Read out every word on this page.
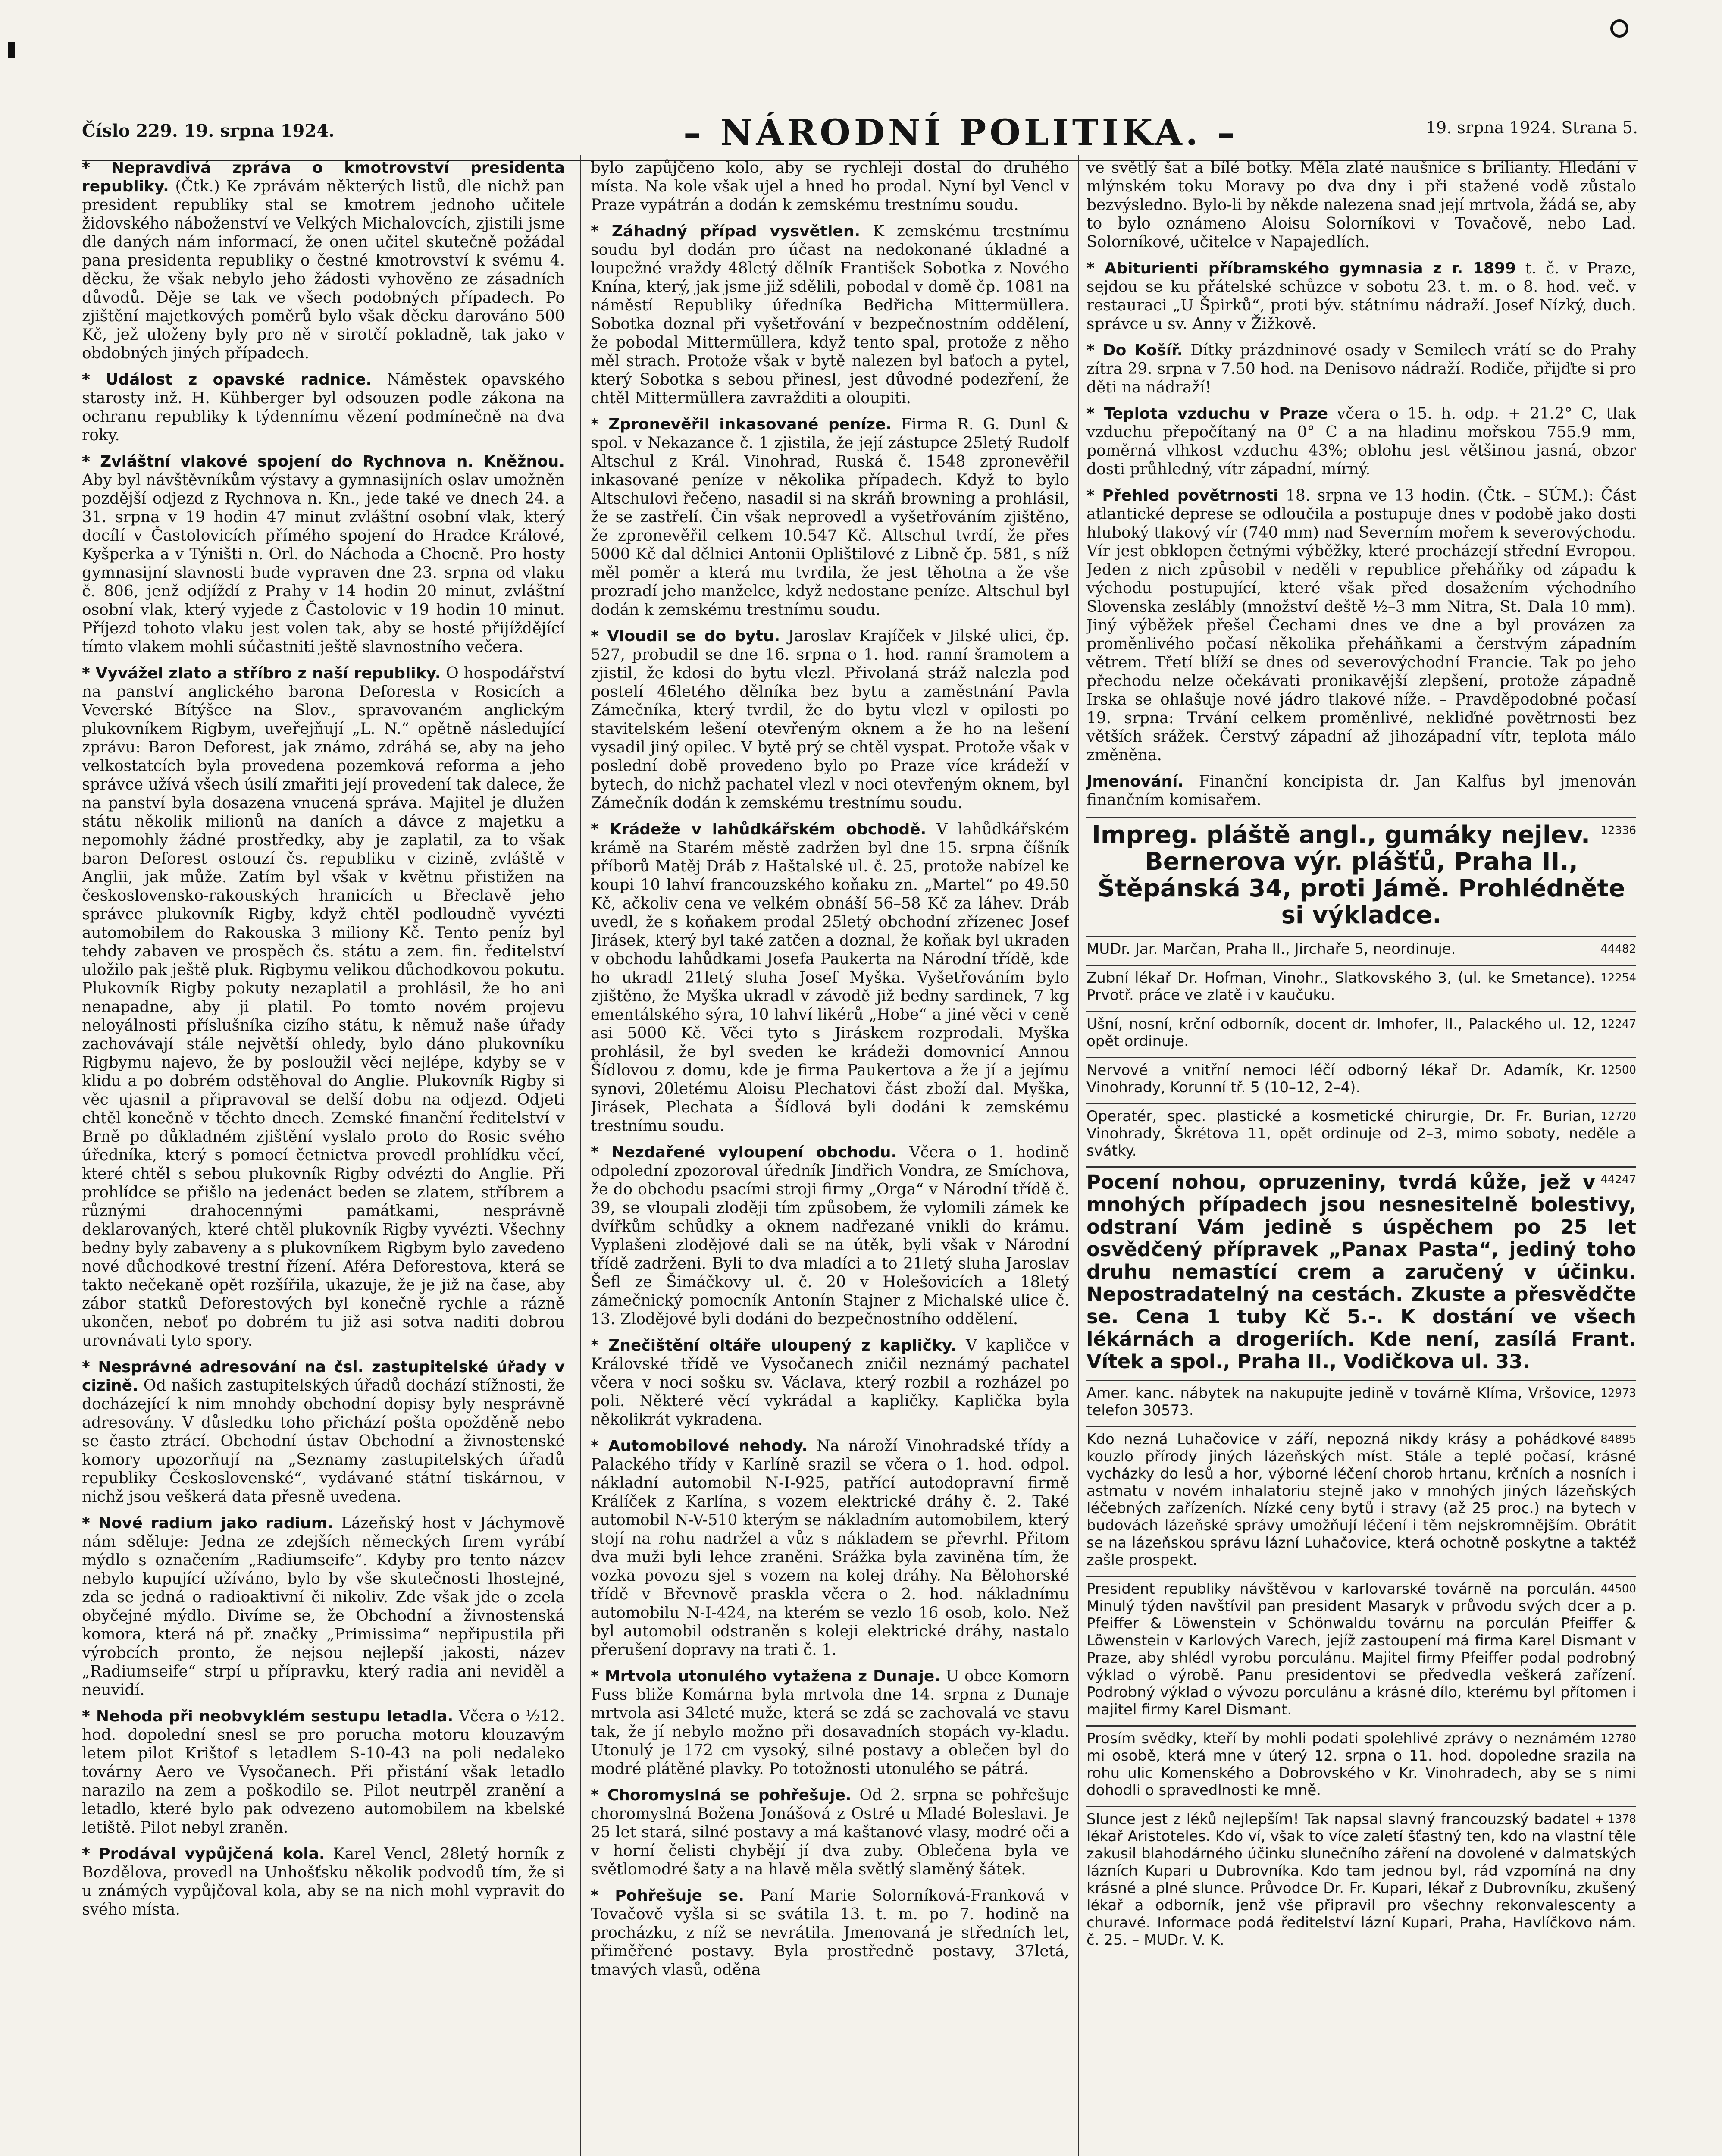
Číslo 229. 19. srpna 1924.	– NÁRODNÍ POLITIKA. –	19. srpna 1924. Strana 5.
* Nepravdivá zpráva o kmotrovství presidenta republiky. (Čtk.) Ke zprávám některých listů, dle nichž pan president republiky stal se kmotrem jednoho učitele židovského náboženství ve Velkých Michalovcích, zjistili jsme dle daných nám informací, že onen učitel skutečně požádal pana presidenta republiky o čestné kmotrovství k svému 4. děcku, že však nebylo jeho žádosti vyhověno ze zásadních důvodů. Děje se tak ve všech podobných případech. Po zjištění majetkových poměrů bylo však děcku darováno 500 Kč, jež uloženy byly pro ně v sirotčí pokladně, tak jako v obdobných jiných případech.
* Událost z opavské radnice. Náměstek opavského starosty inž. H. Kühberger byl odsouzen podle zákona na ochranu republiky k týdennímu vězení podmínečně na dva roky.
* Zvláštní vlakové spojení do Rychnova n. Kněžnou. Aby byl návštěvníkům výstavy a gymnasijních oslav umožněn pozdější odjezd z Rychnova n. Kn., jede také ve dnech 24. a 31. srpna v 19 hodin 47 minut zvláštní osobní vlak, který docílí v Častolovicích přímého spojení do Hradce Králové, Kyšperka a v Týništi n. Orl. do Náchoda a Chocně. Pro hosty gymnasijní slavnosti bude vypraven dne 23. srpna od vlaku č. 806, jenž odjíždí z Prahy v 14 hodin 20 minut, zvláštní osobní vlak, který vyjede z Častolovic v 19 hodin 10 minut. Příjezd tohoto vlaku jest volen tak, aby se hosté přijíždějící tímto vlakem mohli súčastniti ještě slavnostního večera.
* Vyvážel zlato a stříbro z naší republiky. O hospodářství na panství anglického barona Deforesta v Rosicích a Veverské Bítýšce na Slov., spravovaném anglickým plukovníkem Rigbym, uveřejňují „L. N.“ opětně následující zprávu: Baron Deforest, jak známo, zdráhá se, aby na jeho velkostatcích byla provedena pozemková reforma a jeho správce užívá všech úsilí zmařiti její provedení tak dalece, že na panství byla dosazena vnucená správa. Majitel je dlužen státu několik milionů na daních a dávce z majetku a nepomohly žádné prostředky, aby je zaplatil, za to však baron Deforest ostouzí čs. republiku v cizině, zvláště v Anglii, jak může. Zatím byl však v květnu přistižen na československo-rakouských hranicích u Břeclavě jeho správce plukovník Rigby, když chtěl podloudně vyvézti automobilem do Rakouska 3 miliony Kč. Tento peníz byl tehdy zabaven ve prospěch čs. státu a zem. fin. ředitelství uložilo pak ještě pluk. Rigbymu velikou důchodkovou pokutu. Plukovník Rigby pokuty nezaplatil a prohlásil, že ho ani nenapadne, aby ji platil. Po tomto novém projevu neloyálnosti příslušníka cizího státu, k němuž naše úřady zachovávají stále největší ohledy, bylo dáno plukovníku Rigbymu najevo, že by posloužil věci nejlépe, kdyby se v klidu a po dobrém odstěhoval do Anglie. Plukovník Rigby si věc ujasnil a připravoval se delší dobu na odjezd. Odjeti chtěl konečně v těchto dnech. Zemské finanční ředitelství v Brně po důkladném zjištění vyslalo proto do Rosic svého úředníka, který s pomocí četnictva provedl prohlídku věcí, které chtěl s sebou plukovník Rigby odvézti do Anglie. Při prohlídce se přišlo na jedenáct beden se zlatem, stříbrem a různými drahocennými památkami, nesprávně deklarovaných, které chtěl plukovník Rigby vyvézti. Všechny bedny byly zabaveny a s plukovníkem Rigbym bylo zavedeno nové důchodkové trestní řízení. Aféra Deforestova, která se takto nečekaně opět rozšířila, ukazuje, že je již na čase, aby zábor statků Deforestových byl konečně rychle a rázně ukončen, neboť po dobrém tu již asi sotva naditi dobrou urovnávati tyto spory.
* Nesprávné adresování na čsl. zastupitelské úřady v cizině. Od našich zastupitelských úřadů dochází stížnosti, že docházející k nim mnohdy obchodní dopisy byly nesprávně adresovány. V důsledku toho přichází pošta opožděně nebo se často ztrácí. Obchodní ústav Obchodní a živnostenské komory upozorňují na „Seznamy zastupitelských úřadů republiky Československé“, vydávané státní tiskárnou, v nichž jsou veškerá data přesně uvedena.
* Nové radium jako radium. Lázeňský host v Jáchymově nám sděluje: Jedna ze zdejších německých firem vyrábí mýdlo s označením „Radiumseife“. Kdyby pro tento název nebylo kupující užíváno, bylo by vše skutečnosti lhostejné, zda se jedná o radioaktivní či nikoliv. Zde však jde o zcela obyčejné mýdlo. Divíme se, že Obchodní a živnostenská komora, která ná př. značky „Primissima“ nepřipustila při výrobcích pronto, že nejsou nejlepší jakosti, název „Radiumseife“ strpí u přípravku, který radia ani neviděl a neuvidí.
* Nehoda při neobvyklém sestupu letadla. Včera o ½12. hod. dopolední snesl se pro porucha motoru klouzavým letem pilot Krištof s letadlem S-10-43 na poli nedaleko továrny Aero ve Vysočanech. Při přistání však letadlo narazilo na zem a poškodilo se. Pilot neutrpěl zranění a letadlo, které bylo pak odvezeno automobilem na kbelské letiště. Pilot nebyl zraněn.
* Prodával vypůjčená kola. Karel Vencl, 28letý horník z Bozdělova, provedl na Unhošťsku několik podvodů tím, že si u známých vypůjčoval kola, aby se na nich mohl vypravit do svého místa.
bylo zapůjčeno kolo, aby se rychleji dostal do druhého místa. Na kole však ujel a hned ho prodal. Nyní byl Vencl v Praze vypátrán a dodán k zemskému trestnímu soudu.
* Záhadný případ vysvětlen. K zemskému trestnímu soudu byl dodán pro účast na nedokonané úkladné a loupežné vraždy 48letý dělník František Sobotka z Nového Knína, který, jak jsme již sdělili, pobodal v domě čp. 1081 na náměstí Republiky úředníka Bedřicha Mittermüllera. Sobotka doznal při vyšetřování v bezpečnostním oddělení, že pobodal Mittermüllera, když tento spal, protože z něho měl strach. Protože však v bytě nalezen byl baťoch a pytel, který Sobotka s sebou přinesl, jest důvodné podezření, že chtěl Mittermüllera zavražditi a oloupiti.
* Zpronevěřil inkasované peníze. Firma R. G. Dunl & spol. v Nekazance č. 1 zjistila, že její zástupce 25letý Rudolf Altschul z Král. Vinohrad, Ruská č. 1548 zpronevěřil inkasované peníze v několika případech. Když to bylo Altschulovi řečeno, nasadil si na skráň browning a prohlásil, že se zastřelí. Čin však neprovedl a vyšetřováním zjištěno, že zpronevěřil celkem 10.547 Kč. Altschul tvrdí, že přes 5000 Kč dal dělnici Antonii Oplištilové z Libně čp. 581, s níž měl poměr a která mu tvrdila, že jest těhotna a že vše prozradí jeho manželce, když nedostane peníze. Altschul byl dodán k zemskému trestnímu soudu.
* Vloudil se do bytu. Jaroslav Krajíček v Jilské ulici, čp. 527, probudil se dne 16. srpna o 1. hod. ranní šramotem a zjistil, že kdosi do bytu vlezl. Přivolaná stráž nalezla pod postelí 46letého dělníka bez bytu a zaměstnání Pavla Zámečníka, který tvrdil, že do bytu vlezl v opilosti po stavitelském lešení otevřeným oknem a že ho na lešení vysadil jiný opilec. V bytě prý se chtěl vyspat. Protože však v poslední době provedeno bylo po Praze více krádeží v bytech, do nichž pachatel vlezl v noci otevřeným oknem, byl Zámečník dodán k zemskému trestnímu soudu.
* Krádeže v lahůdkářském obchodě. V lahůdkářském krámě na Starém městě zadržen byl dne 15. srpna číšník příborů Matěj Dráb z Haštalské ul. č. 25, protože nabízel ke koupi 10 lahví francouzského koňaku zn. „Martel“ po 49.50 Kč, ačkoliv cena ve velkém obnáší 56–58 Kč za láhev. Dráb uvedl, že s koňakem prodal 25letý obchodní zřízenec Josef Jirásek, který byl také zatčen a doznal, že koňak byl ukraden v obchodu lahůdkami Josefa Paukerta na Národní třídě, kde ho ukradl 21letý sluha Josef Myška. Vyšetřováním bylo zjištěno, že Myška ukradl v závodě již bedny sardinek, 7 kg ementálského sýra, 10 lahví likérů „Hobe“ a jiné věci v ceně asi 5000 Kč. Věci tyto s Jiráskem rozprodali. Myška prohlásil, že byl sveden ke krádeži domovnicí Annou Šídlovou z domu, kde je firma Paukertova a že jí a jejímu synovi, 20letému Aloisu Plechatovi část zboží dal. Myška, Jirásek, Plechata a Šídlová byli dodáni k zemskému trestnímu soudu.
* Nezdařené vyloupení obchodu. Včera o 1. hodině odpolední zpozoroval úředník Jindřich Vondra, ze Smíchova, že do obchodu psacími stroji firmy „Orga“ v Národní třídě č. 39, se vloupali zloději tím způsobem, že vylomili zámek ke dvířkům schůdky a oknem nadřezané vnikli do krámu. Vyplašeni zlodějové dali se na útěk, byli však v Národní třídě zadrženi. Byli to dva mladíci a to 21letý sluha Jaroslav Šefl ze Šimáčkovy ul. č. 20 v Holešovicích a 18letý zámečnický pomocník Antonín Stajner z Michalské ulice č. 13. Zlodějové byli dodáni do bezpečnostního oddělení.
* Znečištění oltáře uloupený z kapličky. V kapličce v Královské třídě ve Vysočanech zničil neznámý pachatel včera v noci sošku sv. Václava, který rozbil a rozházel po poli. Některé věcí vykrádal a kapličky. Kaplička byla několikrát vykradena.
* Automobilové nehody. Na nároží Vinohradské třídy a Palackého třídy v Karlíně srazil se včera o 1. hod. odpol. nákladní automobil N-I-925, patřící autodopravní firmě Králíček z Karlína, s vozem elektrické dráhy č. 2. Také automobil N-V-510 kterým se nákladním automobilem, který stojí na rohu nadržel a vůz s nákladem se převrhl. Přitom dva muži byli lehce zraněni. Srážka byla zaviněna tím, že vozka povozu sjel s vozem na kolej dráhy. Na Bělohorské třídě v Břevnově praskla včera o 2. hod. nákladnímu automobilu N-I-424, na kterém se vezlo 16 osob, kolo. Než byl automobil odstraněn s koleji elektrické dráhy, nastalo přerušení dopravy na trati č. 1.
* Mrtvola utonulého vytažena z Dunaje. U obce Komorn Fuss bliže Komárna byla mrtvola dne 14. srpna z Dunaje mrtvola asi 34leté muže, která se zdá se zachovalá ve stavu tak, že jí nebylo možno při dosavadních stopách vy-kladu. Utonulý je 172 cm vysoký, silné postavy a oblečen byl do modré plátěné plavky. Po totožnosti utonulého se pátrá.
* Choromyslná se pohřešuje. Od 2. srpna se pohřešuje choromyslná Božena Jonášová z Ostré u Mladé Boleslavi. Je 25 let stará, silné postavy a má kaštanové vlasy, modré oči a v horní čelisti chybějí jí dva zuby. Oblečena byla ve světlomodré šaty a na hlavě měla světlý slaměný šátek.
* Pohřešuje se. Paní Marie Solorníková-Franková v Tovačově vyšla si se svátila 13. t. m. po 7. hodině na procházku, z níž se nevrátila. Jmenovaná je středních let, přiměřené postavy. Byla prostředně postavy, 37letá, tmavých vlasů, oděna
ve světlý šat a bílé botky. Měla zlaté naušnice s brilianty. Hledání v mlýnském toku Moravy po dva dny i při stažené vodě zůstalo bezvýsledno. Bylo-li by někde nalezena snad její mrtvola, žádá se, aby to bylo oznámeno Aloisu Solorníkovi v Tovačově, nebo Lad. Solorníkové, učitelce v Napajedlích.
* Abiturienti příbramského gymnasia z r. 1899 t. č. v Praze, sejdou se ku přátelské schůzce v sobotu 23. t. m. o 8. hod. več. v restauraci „U Špirků“, proti býv. státnímu nádraží. Josef Nízký, duch. správce u sv. Anny v Žižkově.
* Do Košíř. Dítky prázdninové osady v Semilech vrátí se do Prahy zítra 29. srpna v 7.50 hod. na Denisovo nádraží. Rodiče, přijďte si pro děti na nádraží!
* Teplota vzduchu v Praze včera o 15. h. odp. + 21.2° C, tlak vzduchu přepočítaný na 0° C a na hladinu mořskou 755.9 mm, poměrná vlhkost vzduchu 43%; oblohu jest většinou jasná, obzor dosti průhledný, vítr západní, mírný.
* Přehled povětrnosti 18. srpna ve 13 hodin. (Čtk. – SÚM.): Část atlantické deprese se odloučila a postupuje dnes v podobě jako dosti hluboký tlakový vír (740 mm) nad Severním mořem k severovýchodu. Vír jest obklopen četnými výběžky, které procházejí střední Evropou. Jeden z nich způsobil v neděli v republice přeháňky od západu k východu postupující, které však před dosažením východního Slovenska zeslábly (množství deště ½–3 mm Nitra, St. Dala 10 mm). Jiný výběžek přešel Čechami dnes ve dne a byl provázen za proměnlivého počasí několika přeháňkami a čerstvým západním větrem. Třetí blíží se dnes od severovýchodní Francie. Tak po jeho přechodu nelze očekávati pronikavější zlepšení, protože západně Irska se ohlašuje nové jádro tlakové níže. – Pravděpodobné počasí 19. srpna: Trvání celkem proměnlivé, nekliďné povětrnosti bez větších srážek. Čerstvý západní až jihozápadní vítr, teplota málo změněna.
Jmenování. Finanční koncipista dr. Jan Kalfus byl jmenován finančním komisařem.
12336
Impreg. pláště angl., gumáky nejlev. Bernerova výr. plášťů, Praha II., Štěpánská 34, proti Jámě. Prohlédněte si výkladce.
44482
MUDr. Jar. Marčan, Praha II., Jirchaře 5, neordinuje.
12254
Zubní lékař Dr. Hofman, Vinohr., Slatkovského 3, (ul. ke Smetance). Prvotř. práce ve zlatě i v kaučuku.
12247
Ušní, nosní, krční odborník, docent dr. Imhofer, II., Palackého ul. 12, opět ordinuje.
12500
Nervové a vnitřní nemoci léčí odborný lékař Dr. Adamík, Kr. Vinohrady, Korunní tř. 5 (10–12, 2–4).
12720
Operatér, spec. plastické a kosmetické chirurgie, Dr. Fr. Burian, Vinohrady, Škrétova 11, opět ordinuje od 2–3, mimo soboty, neděle a svátky.
44247
Pocení nohou, opruzeniny, tvrdá kůže, jež v mnohých případech jsou nesnesitelně bolestivy, odstraní Vám jedině s úspěchem po 25 let osvědčený přípravek „Panax Pasta“, jediný toho druhu nemastící crem a zaručený v účinku. Nepostradatelný na cestách. Zkuste a přesvědčte se. Cena 1 tuby Kč 5.-. K dostání ve všech lékárnách a drogeriích. Kde není, zasílá Frant. Vítek a spol., Praha II., Vodičkova ul. 33.
12973
Amer. kanc. nábytek na nakupujte jedině v továrně Klíma, Vršovice, telefon 30573.
84895
Kdo nezná Luhačovice v září, nepozná nikdy krásy a pohádkové kouzlo přírody jiných lázeňských míst. Stále a teplé počasí, krásné vycházky do lesů a hor, výborné léčení chorob hrtanu, krčních a nosních i astmatu v novém inhalatoriu stejně jako v mnohých jiných lázeňských léčebných zařízeních. Nízké ceny bytů i stravy (až 25 proc.) na bytech v budovách lázeňské správy umožňují léčení i těm nejskromnějším. Obrátit se na lázeňskou správu lázní Luhačovice, která ochotně poskytne a taktéž zašle prospekt.
44500
President republiky návštěvou v karlovarské továrně na porculán. Minulý týden navštívil pan president Masaryk v průvodu svých dcer a p. Pfeiffer & Löwenstein v Schönwaldu továrnu na porculán Pfeiffer & Löwenstein v Karlových Varech, jejíž zastoupení má firma Karel Dismant v Praze, aby shlédl vyrobu porculánu. Majitel firmy Pfeiffer podal podrobný výklad o výrobě. Panu presidentovi se předvedla veškerá zařízení. Podrobný výklad o vývozu porculánu a krásné dílo, kterému byl přítomen i majitel firmy Karel Dismant.
12780
Prosím svědky, kteří by mohli podati spolehlivé zprávy o neznámém mi osobě, která mne v úterý 12. srpna o 11. hod. dopoledne srazila na rohu ulic Komenského a Dobrovského v Kr. Vinohradech, aby se s nimi dohodli o spravedlnosti ke mně.
+ 1378
Slunce jest z léků nejlepším! Tak napsal slavný francouzský badatel lékař Aristoteles. Kdo ví, však to více zaletí šťastný ten, kdo na vlastní těle zakusil blahodárného účinku slunečního záření na dovolené v dalmatských lázních Kupari u Dubrovníka. Kdo tam jednou byl, rád vzpomíná na dny krásné a plné slunce. Průvodce Dr. Fr. Kupari, lékař z Dubrovníku, zkušený lékař a odborník, jenž vše připravil pro všechny rekonvalescenty a churavé. Informace podá ředitelství lázní Kupari, Praha, Havlíčkovo nám. č. 25. – MUDr. V. K.
